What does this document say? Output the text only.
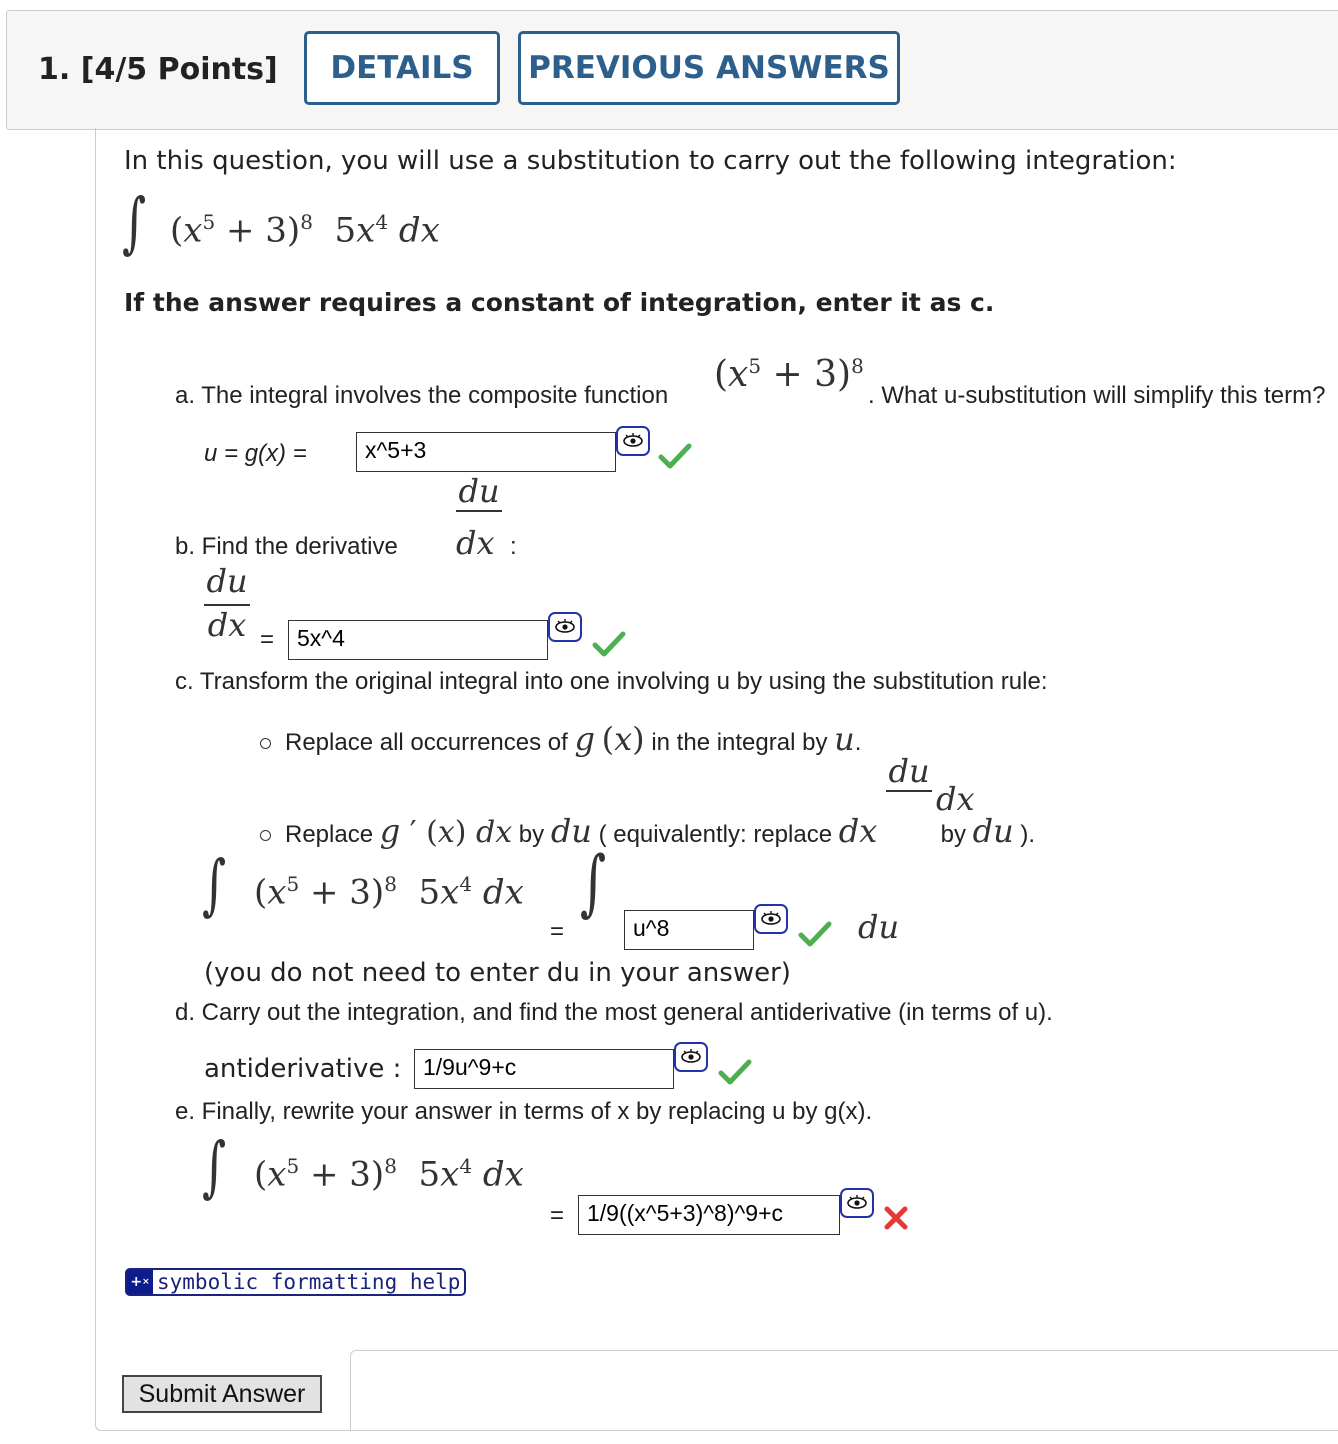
1. [4/5 Points]	DETAILS	PREVIOUS ANSWERS
In this question, you will use a substitution to carry out the following integration:
∫ $(x^5 + 3)^8$  $5x^4$ dx
If the answer requires a constant of integration, enter it as c.
a. The integral involves the composite function
$(x^5 + 3)^8$
. What u-substitution will simplify this term?
u = g(x) =	x^5+3
du
b. Find the derivative dx :
du
dx = 5x^4
c. Transform the original integral into one involving u by using the substitution rule:
Replace all occurrences of g (x) in the integral by u.
du
dx
Replace g ′ (x) dx by du ( equivalently: replace dx	by du ).
∫ $(x^5 + 3)^8$  $5x^4$ dx
=
∫
u^8	du
(you do not need to enter du in your answer)
d. Carry out the integration, and find the most general antiderivative (in terms of u).
antiderivative : 1/9u^9+c
e. Finally, rewrite your answer in terms of x by replacing u by g(x).
∫ $(x^5 + 3)^8$  $5x^4$ dx
= 1/9((x^5+3)^8)^9+c
+ × symbolic formatting help
Submit Answer
